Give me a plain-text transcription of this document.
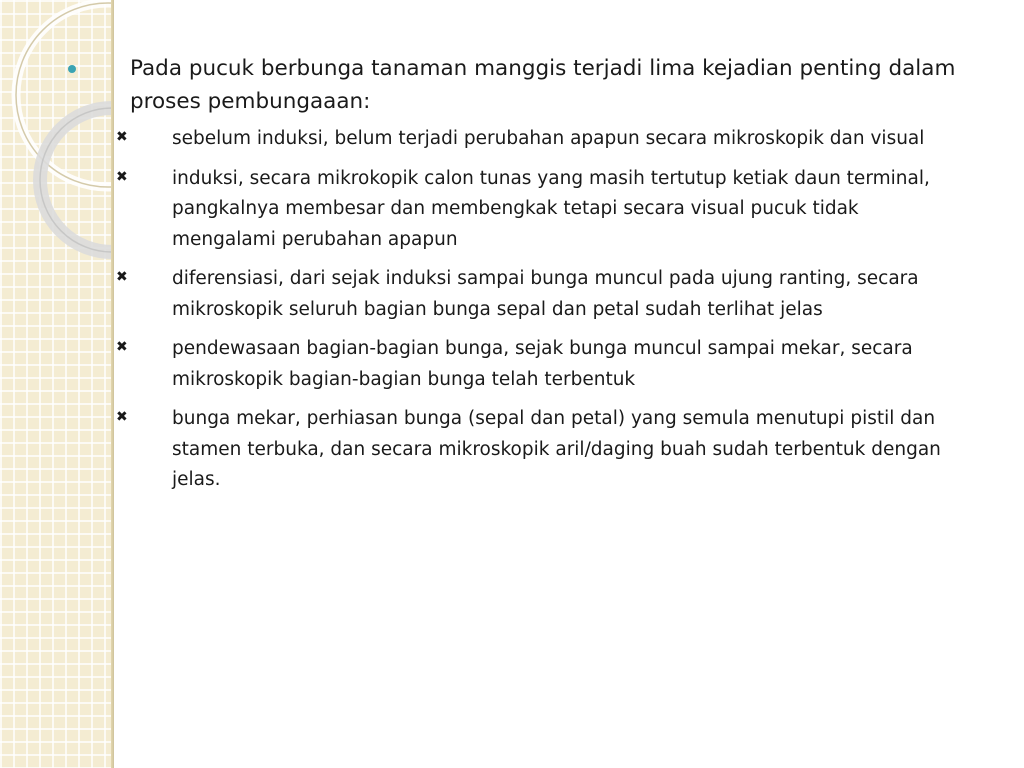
Pada pucuk berbunga tanaman manggis terjadi lima kejadian penting dalam proses pembungaaan:
✖ sebelum induksi, belum terjadi perubahan apapun secara mikroskopik dan visual
✖ induksi, secara mikrokopik calon tunas yang masih tertutup ketiak daun terminal, pangkalnya membesar dan membengkak tetapi secara visual pucuk tidak mengalami perubahan apapun
✖ diferensiasi, dari sejak induksi sampai bunga muncul pada ujung ranting, secara mikroskopik seluruh bagian bunga sepal dan petal sudah terlihat jelas
✖ pendewasaan bagian-bagian bunga, sejak bunga muncul sampai mekar, secara mikroskopik bagian-bagian bunga telah terbentuk
✖ bunga mekar, perhiasan bunga (sepal dan petal) yang semula menutupi pistil dan stamen terbuka, dan secara mikroskopik aril/daging buah sudah terbentuk dengan jelas.
